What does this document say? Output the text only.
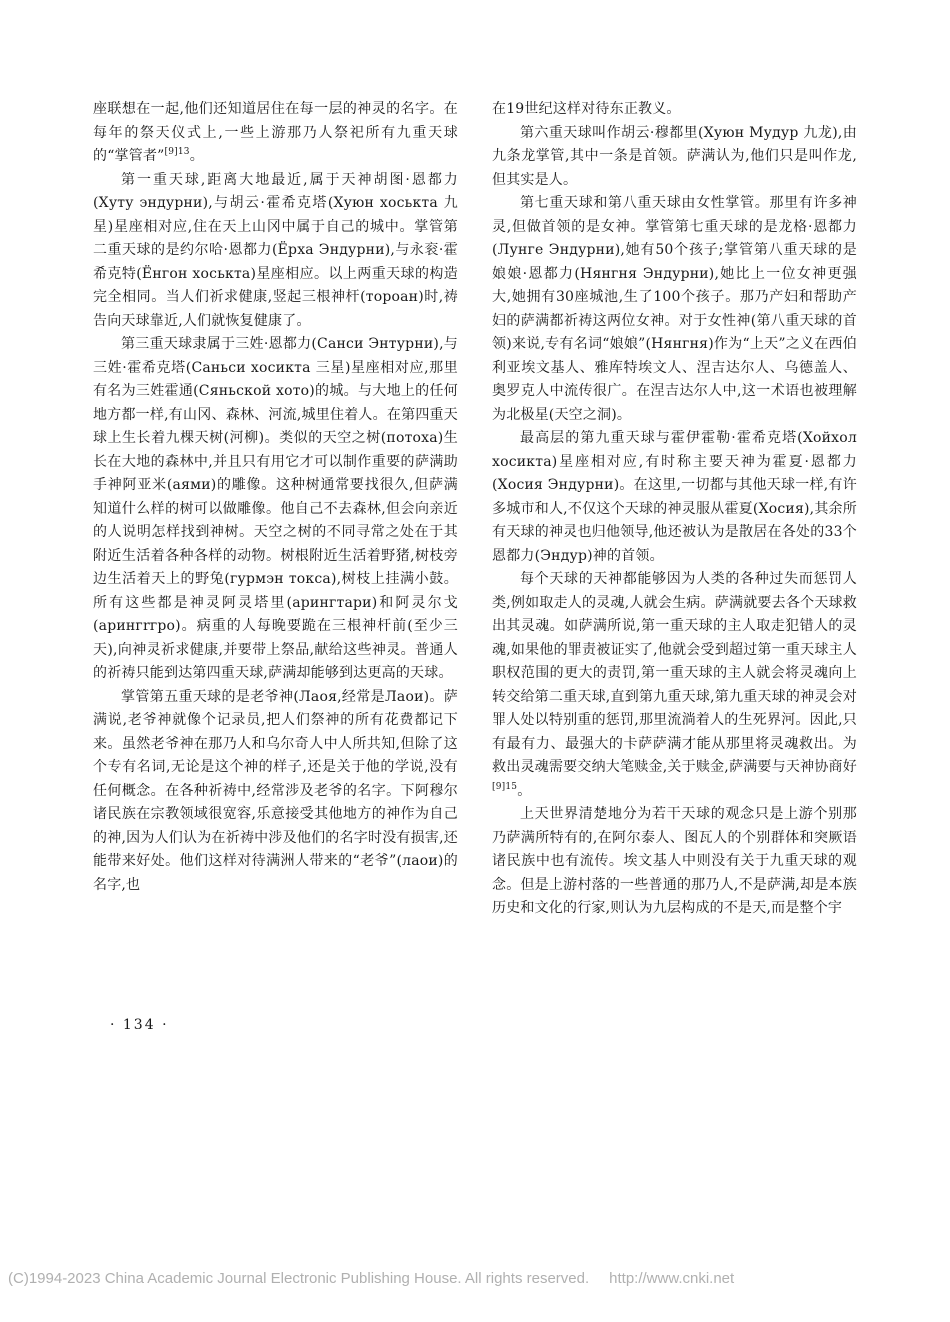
座联想在一起,他们还知道居住在每一层的神灵的名字。在每年的祭天仪式上,一些上游那乃人祭祀所有九重天球的“掌管者”$^{[9]13}$。

第一重天球,距离大地最近,属于天神胡图·恩都力(Хуту эндурни),与胡云·霍希克塔(Хуюн хоськта 九星)星座相对应,住在天上山冈中属于自己的城中。掌管第二重天球的是约尔哈·恩都力(Ёрха Эндурни),与永衮·霍希克特(Ёнгон хоськта)星座相应。以上两重天球的构造完全相同。当人们祈求健康,竖起三根神杆(тороан)时,祷告向天球靠近,人们就恢复健康了。

第三重天球隶属于三姓·恩都力(Санси Энтурни),与三姓·霍希克塔(Саньси хосикта 三星)星座相对应,那里有名为三姓霍通(Сяньской хото)的城。与大地上的任何地方都一样,有山冈、森林、河流,城里住着人。在第四重天球上生长着九棵天树(河柳)。类似的天空之树(потоха)生长在大地的森林中,并且只有用它才可以制作重要的萨满助手神阿亚米(аями)的雕像。这种树通常要找很久,但萨满知道什么样的树可以做雕像。他自己不去森林,但会向亲近的人说明怎样找到神树。天空之树的不同寻常之处在于其附近生活着各种各样的动物。树根附近生活着野猪,树枝旁边生活着天上的野兔(гурмэн токса),树枝上挂满小鼓。所有这些都是神灵阿灵塔里(арингтари)和阿灵尔戈(арингrгро)。病重的人每晚要跪在三根神杆前(至少三天),向神灵祈求健康,并要带上祭品,献给这些神灵。普通人的祈祷只能到达第四重天球,萨满却能够到达更高的天球。

掌管第五重天球的是老爷神(Лаоя,经常是Лаои)。萨满说,老爷神就像个记录员,把人们祭神的所有花费都记下来。虽然老爷神在那乃人和乌尔奇人中人所共知,但除了这个专有名词,无论是这个神的样子,还是关于他的学说,没有任何概念。在各种祈祷中,经常涉及老爷的名字。下阿穆尔诸民族在宗教领域很宽容,乐意接受其他地方的神作为自己的神,因为人们认为在祈祷中涉及他们的名字时没有损害,还能带来好处。他们这样对待满洲人带来的“老爷”(лаои)的名字,也

在19世纪这样对待东正教义。

第六重天球叫作胡云·穆都里(Хуюн Мудур 九龙),由九条龙掌管,其中一条是首领。萨满认为,他们只是叫作龙,但其实是人。

第七重天球和第八重天球由女性掌管。那里有许多神灵,但做首领的是女神。掌管第七重天球的是龙格·恩都力(Лунге Эндурни),她有50个孩子;掌管第八重天球的是娘娘·恩都力(Нянгня Эндурни),她比上一位女神更强大,她拥有30座城池,生了100个孩子。那乃产妇和帮助产妇的萨满都祈祷这两位女神。对于女性神(第八重天球的首领)来说,专有名词“娘娘”(Нянгня)作为“上天”之义在西伯利亚埃文基人、雅库特埃文人、涅吉达尔人、乌德盖人、奥罗克人中流传很广。在涅吉达尔人中,这一术语也被理解为北极星(天空之洞)。

最高层的第九重天球与霍伊霍勒·霍希克塔(Хойхол хосикта)星座相对应,有时称主要天神为霍夏·恩都力(Хосия Эндурни)。在这里,一切都与其他天球一样,有许多城市和人,不仅这个天球的神灵服从霍夏(Хосия),其余所有天球的神灵也归他领导,他还被认为是散居在各处的33个恩都力(Эндур)神的首领。

每个天球的天神都能够因为人类的各种过失而惩罚人类,例如取走人的灵魂,人就会生病。萨满就要去各个天球救出其灵魂。如萨满所说,第一重天球的主人取走犯错人的灵魂,如果他的罪责被证实了,他就会受到超过第一重天球主人职权范围的更大的责罚,第一重天球的主人就会将灵魂向上转交给第二重天球,直到第九重天球,第九重天球的神灵会对罪人处以特别重的惩罚,那里流淌着人的生死界河。因此,只有最有力、最强大的卡萨萨满才能从那里将灵魂救出。为救出灵魂需要交纳大笔赎金,关于赎金,萨满要与天神协商好$^{[9]15}$。

上天世界清楚地分为若干天球的观念只是上游个别那乃萨满所特有的,在阿尔泰人、图瓦人的个别群体和突厥语诸民族中也有流传。埃文基人中则没有关于九重天球的观念。但是上游村落的一些普通的那乃人,不是萨满,却是本族历史和文化的行家,则认为九层构成的不是天,而是整个宇

· 134 ·
(C)1994-2023 China Academic Journal Electronic Publishing House. All rights reserved. http://www.cnki.net
